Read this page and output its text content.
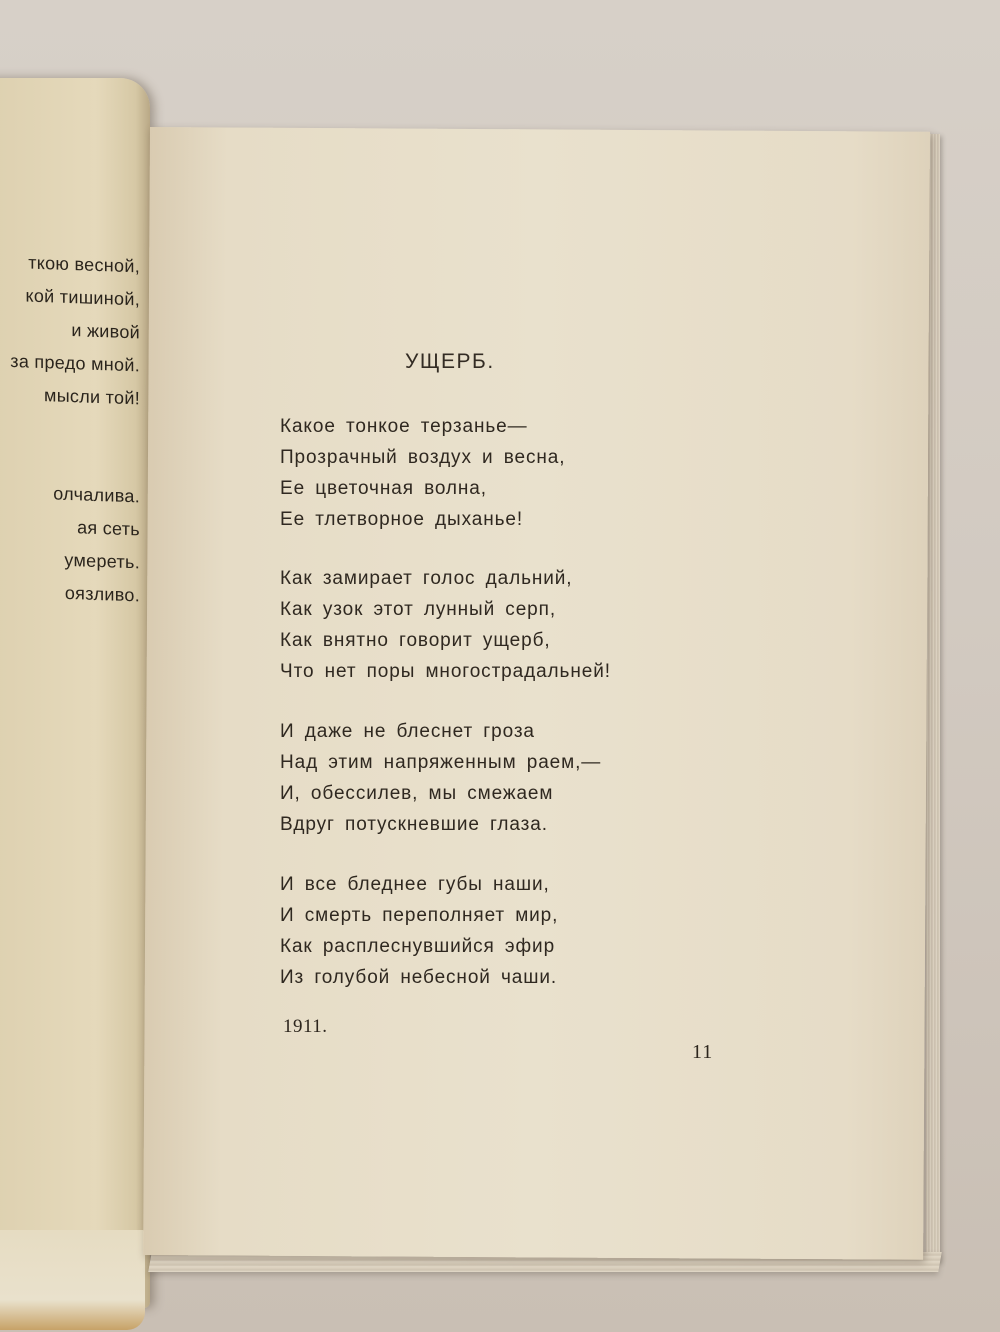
ткою весной,
кой тишиной,
и живой
за предо мной.
мысли той!
олчалива.
ая сеть
умереть.
оязливо.
УЩЕРБ.
Какое тонкое терзанье—
Прозрачный воздух и весна,
Ее цветочная волна,
Ее тлетворное дыханье!
Как замирает голос дальний,
Как узок этот лунный серп,
Как внятно говорит ущерб,
Что нет поры многострадальней!
И даже не блеснет гроза
Над этим напряженным раем,—
И, обессилев, мы смежаем
Вдруг потускневшие глаза.
И все бледнее губы наши,
И смерть переполняет мир,
Как расплеснувшийся эфир
Из голубой небесной чаши.
1911.
11
